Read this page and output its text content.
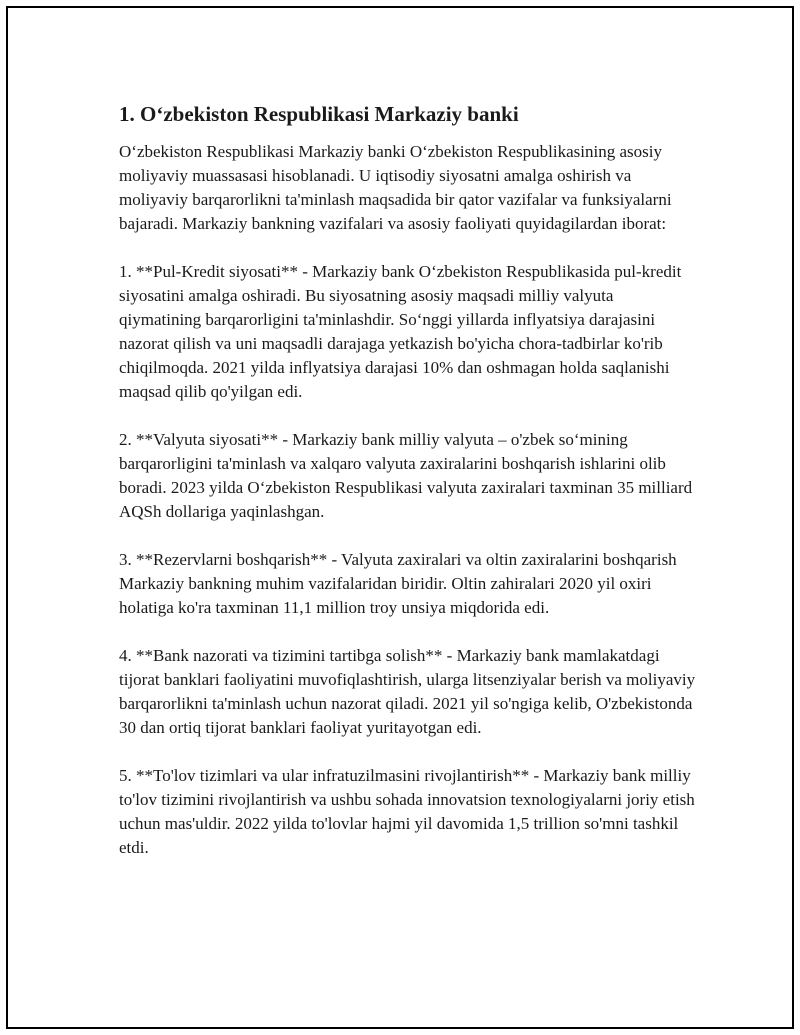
1. O‘zbekiston Respublikasi Markaziy banki

O‘zbekiston Respublikasi Markaziy banki O‘zbekiston Respublikasining asosiy moliyaviy muassasasi hisoblanadi. U iqtisodiy siyosatni amalga oshirish va moliyaviy barqarorlikni ta'minlash maqsadida bir qator vazifalar va funksiyalarni bajaradi. Markaziy bankning vazifalari va asosiy faoliyati quyidagilardan iborat:

1. **Pul-Kredit siyosati** - Markaziy bank O‘zbekiston Respublikasida pul-kredit siyosatini amalga oshiradi. Bu siyosatning asosiy maqsadi milliy valyuta qiymatining barqarorligini ta'minlashdir. So‘nggi yillarda inflyatsiya darajasini nazorat qilish va uni maqsadli darajaga yetkazish bo'yicha chora-tadbirlar ko'rib chiqilmoqda. 2021 yilda inflyatsiya darajasi 10% dan oshmagan holda saqlanishi maqsad qilib qo'yilgan edi.

2. **Valyuta siyosati** - Markaziy bank milliy valyuta – o'zbek so‘mining barqarorligini ta'minlash va xalqaro valyuta zaxiralarini boshqarish ishlarini olib boradi. 2023 yilda O‘zbekiston Respublikasi valyuta zaxiralari taxminan 35 milliard AQSh dollariga yaqinlashgan.

3. **Rezervlarni boshqarish** - Valyuta zaxiralari va oltin zaxiralarini boshqarish Markaziy bankning muhim vazifalaridan biridir. Oltin zahiralari 2020 yil oxiri holatiga ko'ra taxminan 11,1 million troy unsiya miqdorida edi.

4. **Bank nazorati va tizimini tartibga solish** - Markaziy bank mamlakatdagi tijorat banklari faoliyatini muvofiqlashtirish, ularga litsenziyalar berish va moliyaviy barqarorlikni ta'minlash uchun nazorat qiladi. 2021 yil so'ngiga kelib, O'zbekistonda 30 dan ortiq tijorat banklari faoliyat yuritayotgan edi.

5. **To'lov tizimlari va ular infratuzilmasini rivojlantirish** - Markaziy bank milliy to'lov tizimini rivojlantirish va ushbu sohada innovatsion texnologiyalarni joriy etish uchun mas'uldir. 2022 yilda to'lovlar hajmi yil davomida 1,5 trillion so'mni tashkil etdi.
